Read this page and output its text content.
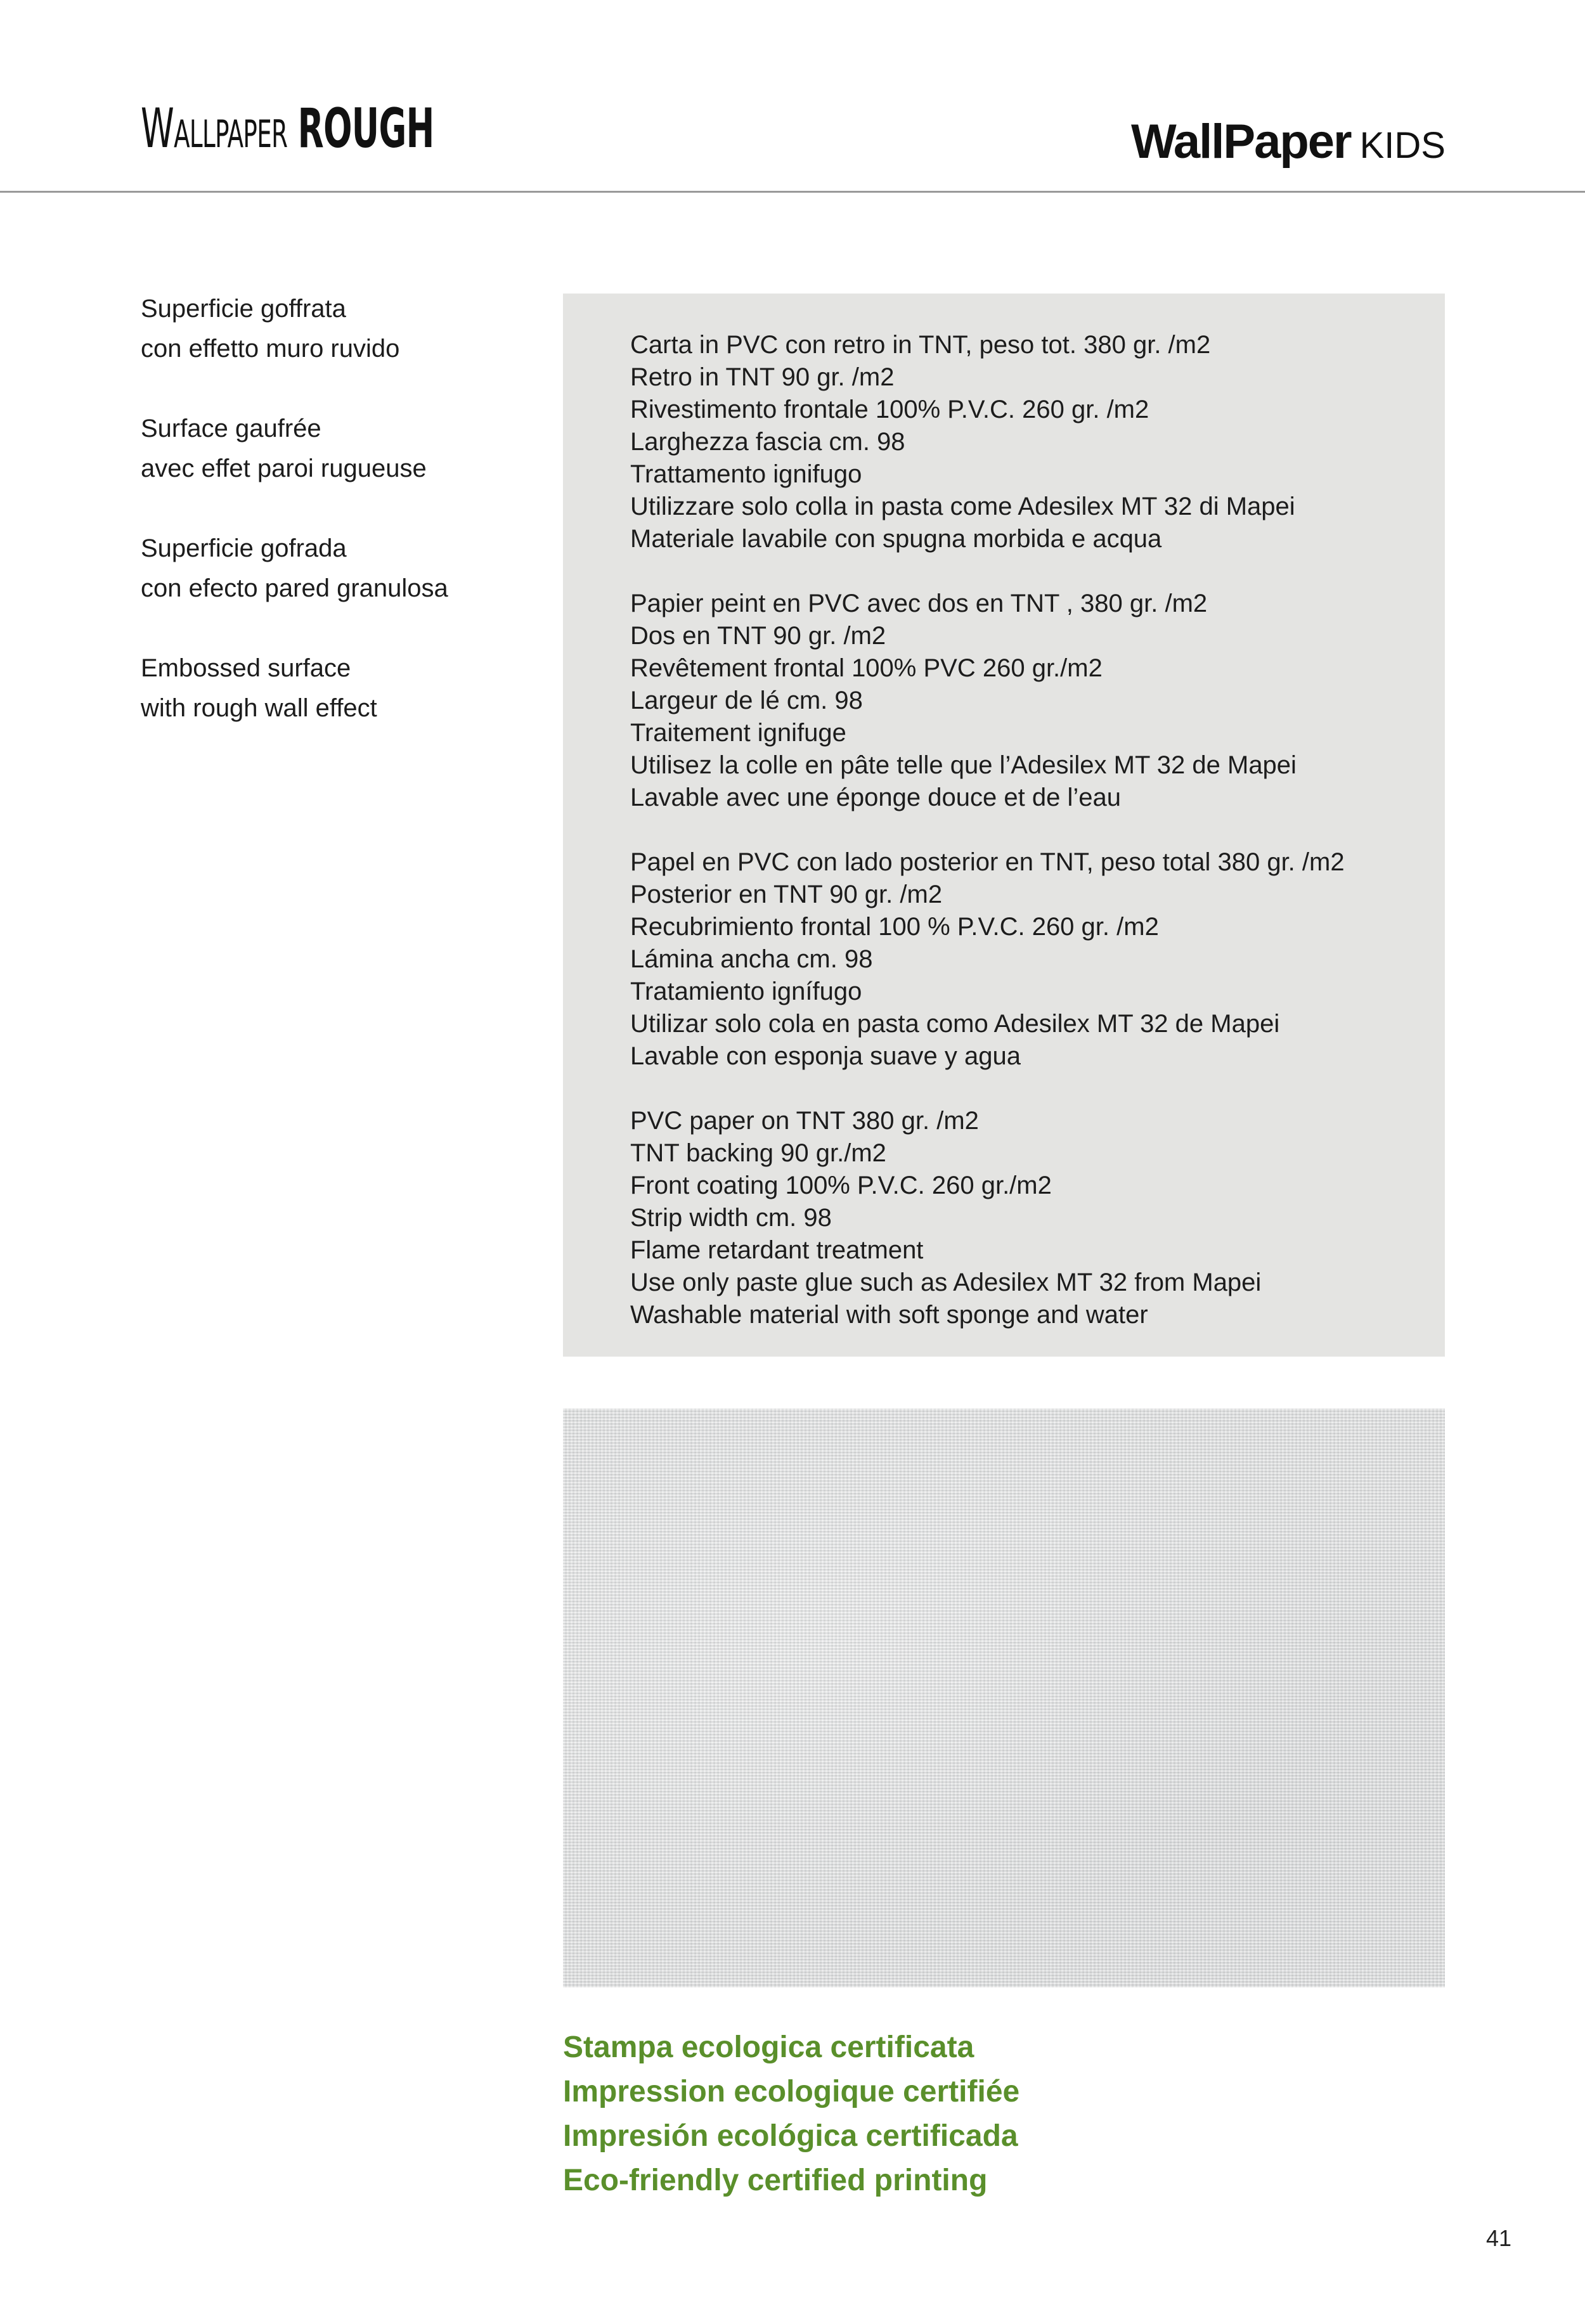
Wallpaper ROUGH	WallPaper KIDS
Superficie goffrata
con effetto muro ruvido
Surface gaufrée
avec effet paroi rugueuse
Superficie gofrada
con efecto pared granulosa
Embossed surface
with rough wall effect
Carta in PVC con retro in TNT, peso tot. 380 gr. /m2
Retro in TNT 90 gr. /m2
Rivestimento frontale 100% P.V.C. 260 gr. /m2
Larghezza fascia cm. 98
Trattamento ignifugo
Utilizzare solo colla in pasta come Adesilex MT 32 di Mapei
Materiale lavabile con spugna morbida e acqua
Papier peint en PVC avec dos en TNT , 380 gr. /m2
Dos en TNT 90 gr. /m2
Revêtement frontal 100% PVC 260 gr./m2
Largeur de lé cm. 98
Traitement ignifuge
Utilisez la colle en pâte telle que l’Adesilex MT 32 de Mapei
Lavable avec une éponge douce et de l’eau
Papel en PVC con lado posterior en TNT, peso total 380 gr. /m2
Posterior en TNT 90 gr. /m2
Recubrimiento frontal 100 % P.V.C. 260 gr. /m2
Lámina ancha cm. 98
Tratamiento ignífugo
Utilizar solo cola en pasta como Adesilex MT 32 de Mapei
Lavable con esponja suave y agua
PVC paper on TNT 380 gr. /m2
TNT backing 90 gr./m2
Front coating 100% P.V.C. 260 gr./m2
Strip width cm. 98
Flame retardant treatment
Use only paste glue such as Adesilex MT 32 from Mapei
Washable material with soft sponge and water
Stampa ecologica certificata
Impression ecologique certifiée
Impresión ecológica certificada
Eco-friendly certified printing
41
